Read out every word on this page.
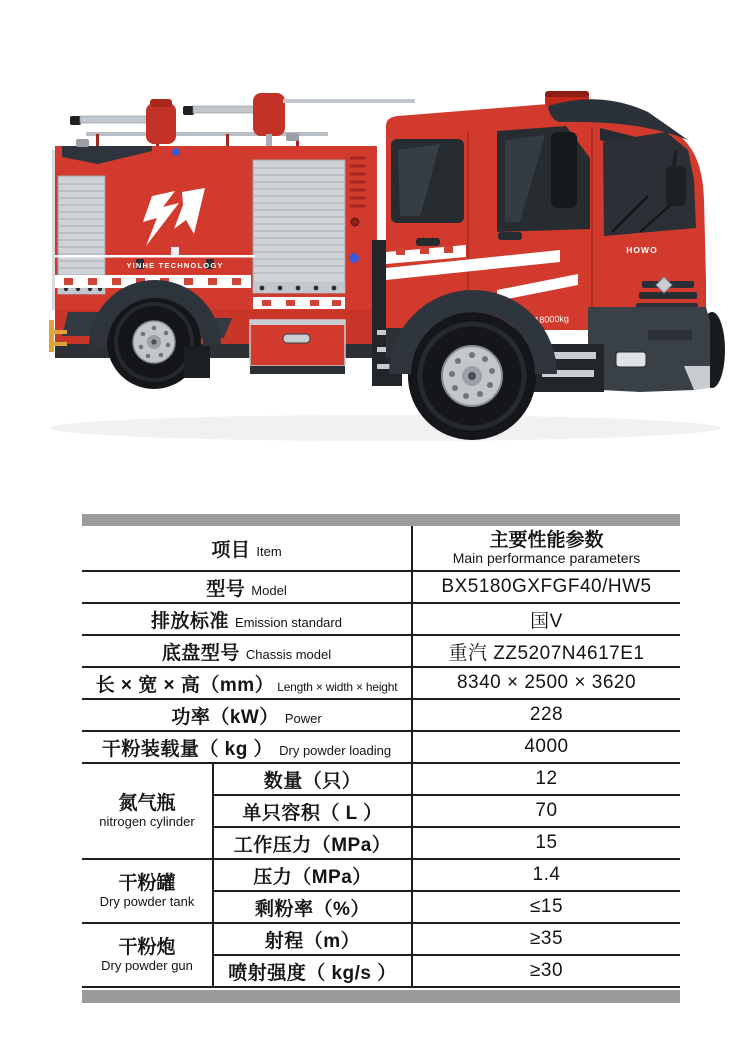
YINHE TECHNOLOGY
HOWO
总质量:18000kg
项目 Item		主要性能参数
Main performance parameters

型号 Model		BX5180GXFGF40/HW5
排放标准 Emission standard		国V
底盘型号 Chassis model		重汽 ZZ5207N4617E1
长 × 宽 × 高（mm） Length × width × height		8340 × 2500 × 3620
功率（kW） Power		228
干粉装载量（ kg ） Dry powder loading		4000

氮气瓶
nitrogen cylinder	数量（只）	12
	单只容积（ L ）	70
	工作压力（MPa）	15

干粉罐
Dry powder tank	压力（MPa）	1.4
	剩粉率（%）	≤15

干粉炮
Dry powder gun	射程（m）	≥35
	喷射强度（ kg/s ）	≥30
